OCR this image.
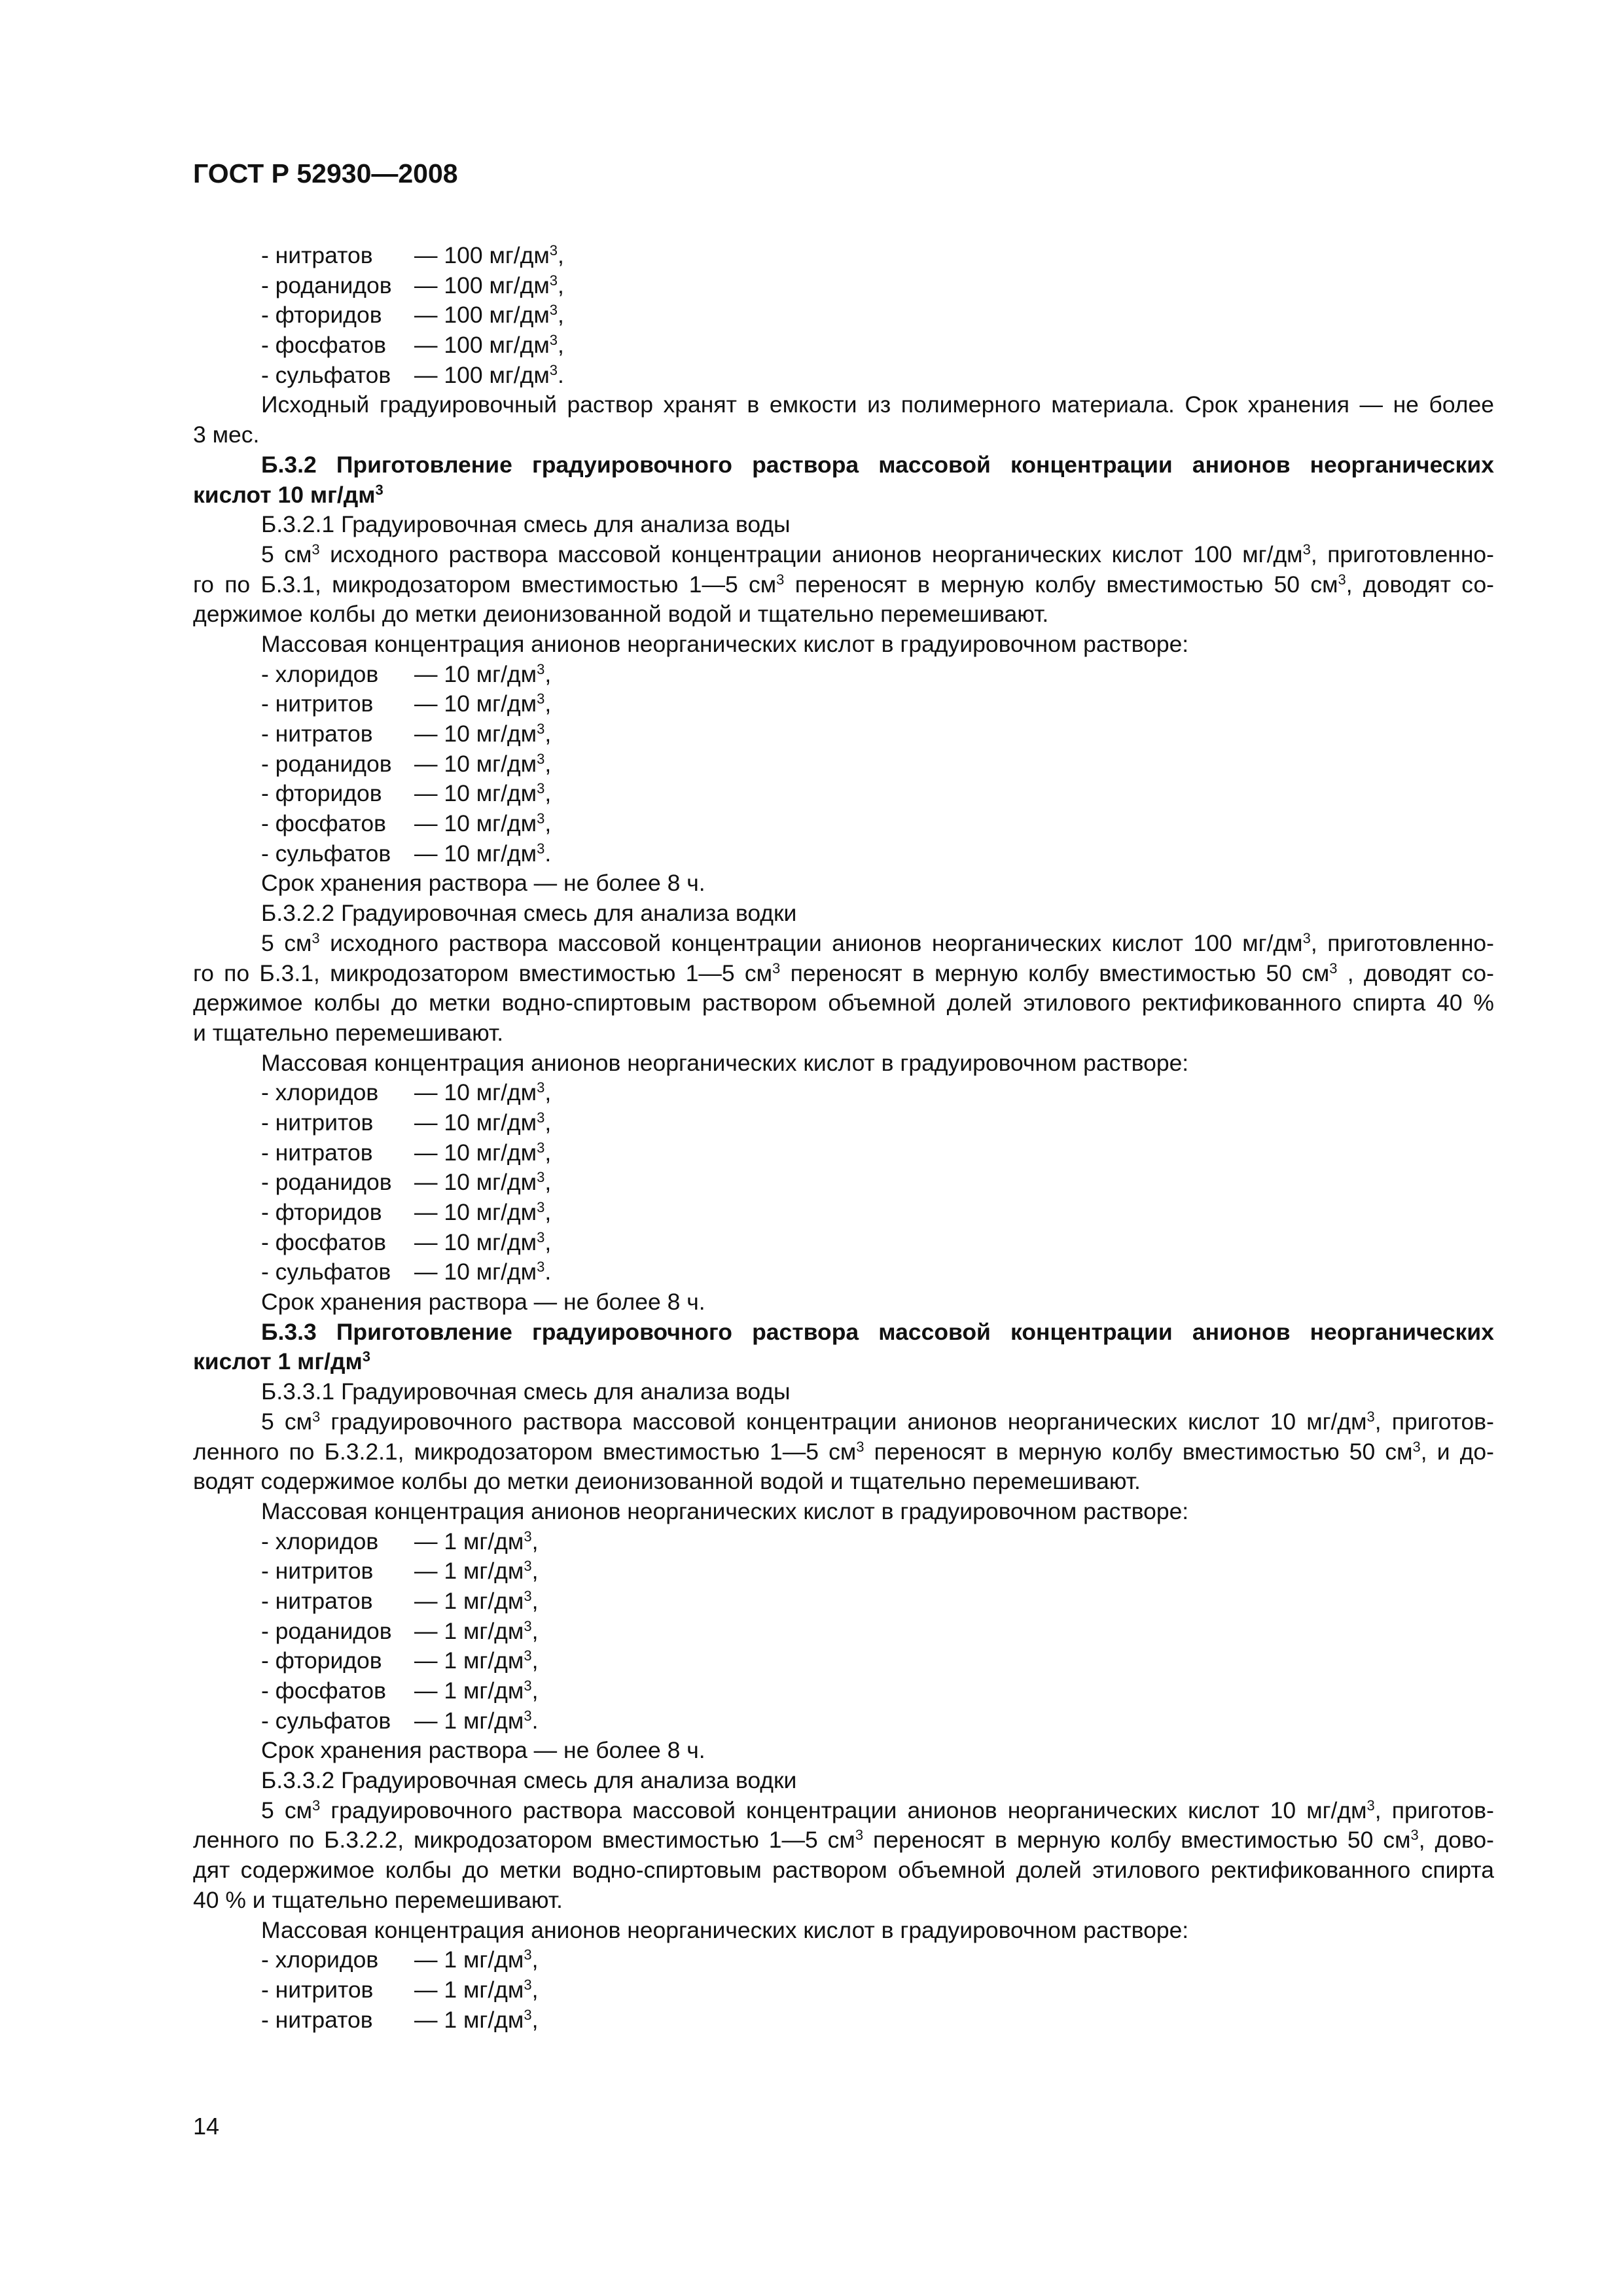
ГОСТ Р 52930—2008
- нитратов — 100 $мг/дм^3$,
- роданидов — 100 $мг/дм^3$,
- фторидов — 100 $мг/дм^3$,
- фосфатов — 100 $мг/дм^3$,
- сульфатов — 100 $мг/дм^3$.
Исходный градуировочный раствор хранят в емкости из полимерного материала. Срок хранения — не более
3 мес.
Б.3.2 Приготовление градуировочного раствора массовой концентрации анионов неорганических
кислот 10 $мг/дм^3$
Б.3.2.1 Градуировочная смесь для анализа воды
5 $см^3$ исходного раствора массовой концентрации анионов неорганических кислот 100 $мг/дм^3$, приготовленно-
го по Б.3.1, микродозатором вместимостью 1—5 $см^3$ переносят в мерную колбу вместимостью 50 $см^3$, доводят со-
держимое колбы до метки деионизованной водой и тщательно перемешивают.
Массовая концентрация анионов неорганических кислот в градуировочном растворе:
- хлоридов — 10 $мг/дм^3$,
- нитритов — 10 $мг/дм^3$,
- нитратов — 10 $мг/дм^3$,
- роданидов — 10 $мг/дм^3$,
- фторидов — 10 $мг/дм^3$,
- фосфатов — 10 $мг/дм^3$,
- сульфатов — 10 $мг/дм^3$.
Срок хранения раствора — не более 8 ч.
Б.3.2.2 Градуировочная смесь для анализа водки
5 $см^3$ исходного раствора массовой концентрации анионов неорганических кислот 100 $мг/дм^3$, приготовленно-
го по Б.3.1, микродозатором вместимостью 1—5 $см^3$ переносят в мерную колбу вместимостью 50 $см^3$ , доводят со-
держимое колбы до метки водно-спиртовым раствором объемной долей этилового ректификованного спирта 40 %
и тщательно перемешивают.
Массовая концентрация анионов неорганических кислот в градуировочном растворе:
- хлоридов — 10 $мг/дм^3$,
- нитритов — 10 $мг/дм^3$,
- нитратов — 10 $мг/дм^3$,
- роданидов — 10 $мг/дм^3$,
- фторидов — 10 $мг/дм^3$,
- фосфатов — 10 $мг/дм^3$,
- сульфатов — 10 $мг/дм^3$.
Срок хранения раствора — не более 8 ч.
Б.3.3 Приготовление градуировочного раствора массовой концентрации анионов неорганических
кислот 1 $мг/дм^3$
Б.3.3.1 Градуировочная смесь для анализа воды
5 $см^3$ градуировочного раствора массовой концентрации анионов неорганических кислот 10 $мг/дм^3$, приготов-
ленного по Б.3.2.1, микродозатором вместимостью 1—5 $см^3$ переносят в мерную колбу вместимостью 50 $см^3$, и до-
водят содержимое колбы до метки деионизованной водой и тщательно перемешивают.
Массовая концентрация анионов неорганических кислот в градуировочном растворе:
- хлоридов — 1 $мг/дм^3$,
- нитритов — 1 $мг/дм^3$,
- нитратов — 1 $мг/дм^3$,
- роданидов — 1 $мг/дм^3$,
- фторидов — 1 $мг/дм^3$,
- фосфатов — 1 $мг/дм^3$,
- сульфатов — 1 $мг/дм^3$.
Срок хранения раствора — не более 8 ч.
Б.3.3.2 Градуировочная смесь для анализа водки
5 $см^3$ градуировочного раствора массовой концентрации анионов неорганических кислот 10 $мг/дм^3$, приготов-
ленного по Б.3.2.2, микродозатором вместимостью 1—5 $см^3$ переносят в мерную колбу вместимостью 50 $см^3$, дово-
дят содержимое колбы до метки водно-спиртовым раствором объемной долей этилового ректификованного спирта
40 % и тщательно перемешивают.
Массовая концентрация анионов неорганических кислот в градуировочном растворе:
- хлоридов — 1 $мг/дм^3$,
- нитритов — 1 $мг/дм^3$,
- нитратов — 1 $мг/дм^3$,

14
